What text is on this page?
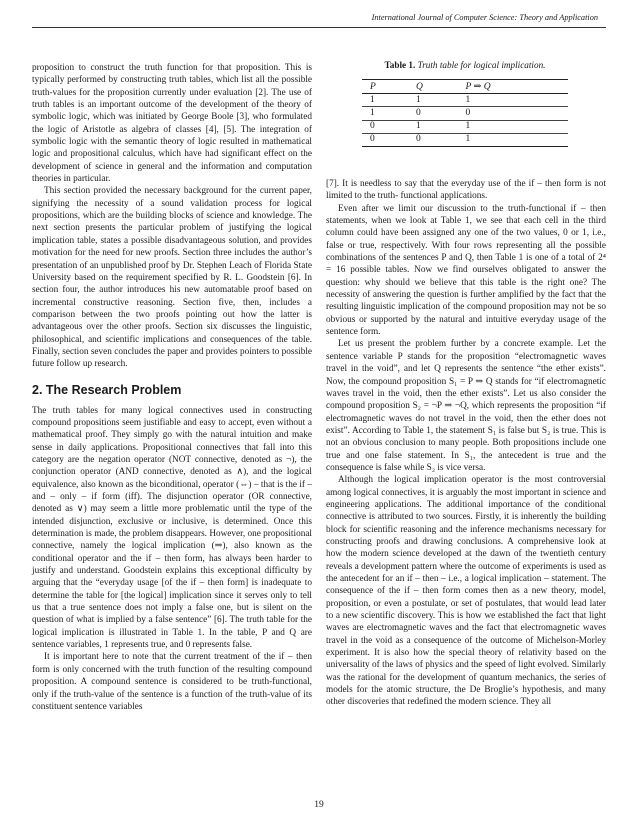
International Journal of Computer Science: Theory and Application

proposition to construct the truth function for that proposition. This is typically performed by constructing truth tables, which list all the possible truth-values for the proposition currently under evaluation [2]. The use of truth tables is an important outcome of the development of the theory of symbolic logic, which was initiated by George Boole [3], who formulated the logic of Aristotle as algebra of classes [4], [5]. The integration of symbolic logic with the semantic theory of logic resulted in mathematical logic and propositional calculus, which have had significant effect on the development of science in general and the information and computation theories in particular.

This section provided the necessary background for the current paper, signifying the necessity of a sound validation process for logical propositions, which are the building blocks of science and knowledge. The next section presents the particular problem of justifying the logical implication table, states a possible disadvantageous solution, and provides motivation for the need for new proofs. Section three includes the author’s presentation of an unpublished proof by Dr. Stephen Leach of Florida State University based on the requirement specified by R. L. Goodstein [6]. In section four, the author introduces his new automatable proof based on incremental constructive reasoning. Section five, then, includes a comparison between the two proofs pointing out how the latter is advantageous over the other proofs. Section six discusses the linguistic, philosophical, and scientific implications and consequences of the table. Finally, section seven concludes the paper and provides pointers to possible future follow up research.

2. The Research Problem

The truth tables for many logical connectives used in constructing compound propositions seem justifiable and easy to accept, even without a mathematical proof. They simply go with the natural intuition and make sense in daily applications. Propositional connectives that fall into this category are the negation operator (NOT connective, denoted as ¬), the conjunction operator (AND connective, denoted as ∧), and the logical equivalence, also known as the biconditional, operator (⇔) – that is the if – and – only – if form (iff). The disjunction operator (OR connective, denoted as ∨) may seem a little more problematic until the type of the intended disjunction, exclusive or inclusive, is determined. Once this determination is made, the problem disappears. However, one propositional connective, namely the logical implication (⇒), also known as the conditional operator and the if – then form, has always been harder to justify and understand. Goodstein explains this exceptional difficulty by arguing that the “everyday usage [of the if – then form] is inadequate to determine the table for [the logical] implication since it serves only to tell us that a true sentence does not imply a false one, but is silent on the question of what is implied by a false sentence” [6]. The truth table for the logical implication is illustrated in Table 1. In the table, P and Q are sentence variables, 1 represents true, and 0 represents false.

It is important here to note that the current treatment of the if – then form is only concerned with the truth function of the resulting compound proposition. A compound sentence is considered to be truth-functional, only if the truth-value of the sentence is a function of the truth-value of its constituent sentence variables

Table 1. Truth table for logical implication.
P	Q	P ⇒ Q
1	1	1
1	0	0
0	1	1
0	0	1

[7]. It is needless to say that the everyday use of the if – then form is not limited to the truth- functional applications.

Even after we limit our discussion to the truth-functional if – then statements, when we look at Table 1, we see that each cell in the third column could have been assigned any one of the two values, 0 or 1, i.e., false or true, respectively. With four rows representing all the possible combinations of the sentences P and Q, then Table 1 is one of a total of 2⁴ = 16 possible tables. Now we find ourselves obligated to answer the question: why should we believe that this table is the right one? The necessity of answering the question is further amplified by the fact that the resulting linguistic implication of the compound proposition may not be so obvious or supported by the natural and intuitive everyday usage of the sentence form.

Let us present the problem further by a concrete example. Let the sentence variable P stands for the proposition “electromagnetic waves travel in the void”, and let Q represents the sentence “the ether exists”. Now, the compound proposition S₁ = P ⇒ Q stands for “if electromagnetic waves travel in the void, then the ether exists”. Let us also consider the compound proposition S₂ = ¬P ⇒ ¬Q, which represents the proposition “if electromagnetic waves do not travel in the void, then the ether does not exist”. According to Table 1, the statement S₁ is false but S₂ is true. This is not an obvious conclusion to many people. Both propositions include one true and one false statement. In S₁, the antecedent is true and the consequence is false while S₂ is vice versa.

Although the logical implication operator is the most controversial among logical connectives, it is arguably the most important in science and engineering applications. The additional importance of the conditional connective is attributed to two sources. Firstly, it is inherently the building block for scientific reasoning and the inference mechanisms necessary for constructing proofs and drawing conclusions. A comprehensive look at how the modern science developed at the dawn of the twentieth century reveals a development pattern where the outcome of experiments is used as the antecedent for an if – then – i.e., a logical implication – statement. The consequence of the if – then form comes then as a new theory, model, proposition, or even a postulate, or set of postulates, that would lead later to a new scientific discovery. This is how we established the fact that light waves are electromagnetic waves and the fact that electromagnetic waves travel in the void as a consequence of the outcome of Michelson-Morley experiment. It is also how the special theory of relativity based on the universality of the laws of physics and the speed of light evolved. Similarly was the rational for the development of quantum mechanics, the series of models for the atomic structure, the De Broglie’s hypothesis, and many other discoveries that redefined the modern science. They all

19
